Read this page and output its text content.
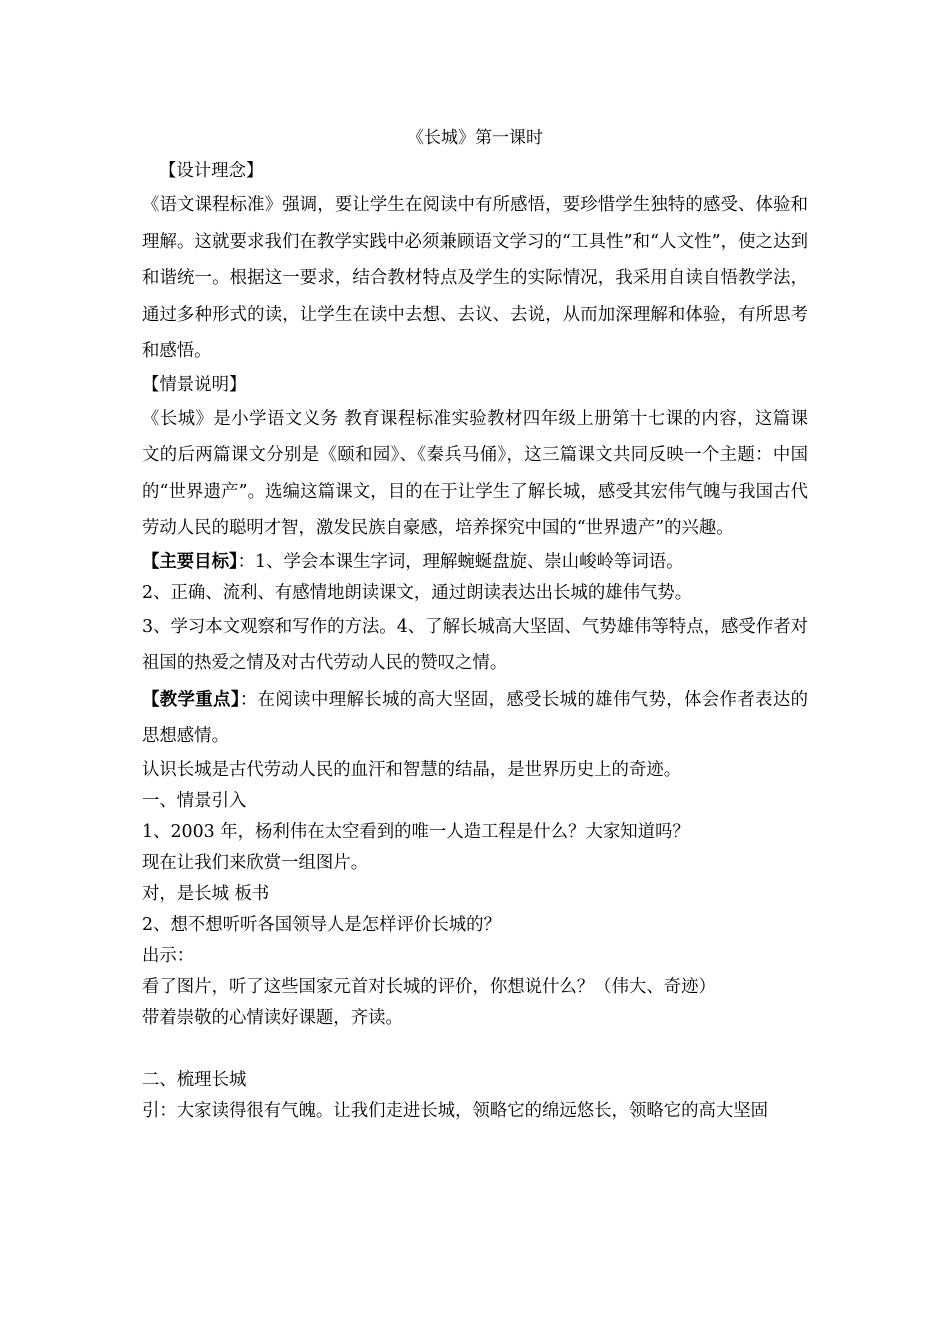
《长城》第一课时

【设计理念】

《语文课程标准》强调，要让学生在阅读中有所感悟，要珍惜学生独特的感受、体验和理解。这就要求我们在教学实践中必须兼顾语文学习的“工具性”和“人文性”，使之达到和谐统一。根据这一要求，结合教材特点及学生的实际情况，我采用自读自悟教学法，通过多种形式的读，让学生在读中去想、去议、去说，从而加深理解和体验，有所思考和感悟。

【情景说明】

《长城》是小学语文义务 教育课程标准实验教材四年级上册第十七课的内容，这篇课文的后两篇课文分别是《颐和园》、《秦兵马俑》，这三篇课文共同反映一个主题：中国的“世界遗产”。选编这篇课文，目的在于让学生了解长城，感受其宏伟气魄与我国古代劳动人民的聪明才智，激发民族自豪感，培养探究中国的“世界遗产”的兴趣。

【主要目标】：1、学会本课生字词，理解蜿蜒盘旋、崇山峻岭等词语。

2、正确、流利、有感情地朗读课文，通过朗读表达出长城的雄伟气势。

3、学习本文观察和写作的方法。4、了解长城高大坚固、气势雄伟等特点，感受作者对祖国的热爱之情及对古代劳动人民的赞叹之情。

【教学重点】：在阅读中理解长城的高大坚固，感受长城的雄伟气势，体会作者表达的思想感情。

认识长城是古代劳动人民的血汗和智慧的结晶，是世界历史上的奇迹。

一、情景引入

1、2003 年，杨利伟在太空看到的唯一人造工程是什么？大家知道吗？

现在让我们来欣赏一组图片。

对，是长城 板书

2、想不想听听各国领导人是怎样评价长城的？

出示：

看了图片，听了这些国家元首对长城的评价，你想说什么？（伟大、奇迹）

带着崇敬的心情读好课题，齐读。

二、梳理长城

引：大家读得很有气魄。让我们走进长城，领略它的绵远悠长，领略它的高大坚固
